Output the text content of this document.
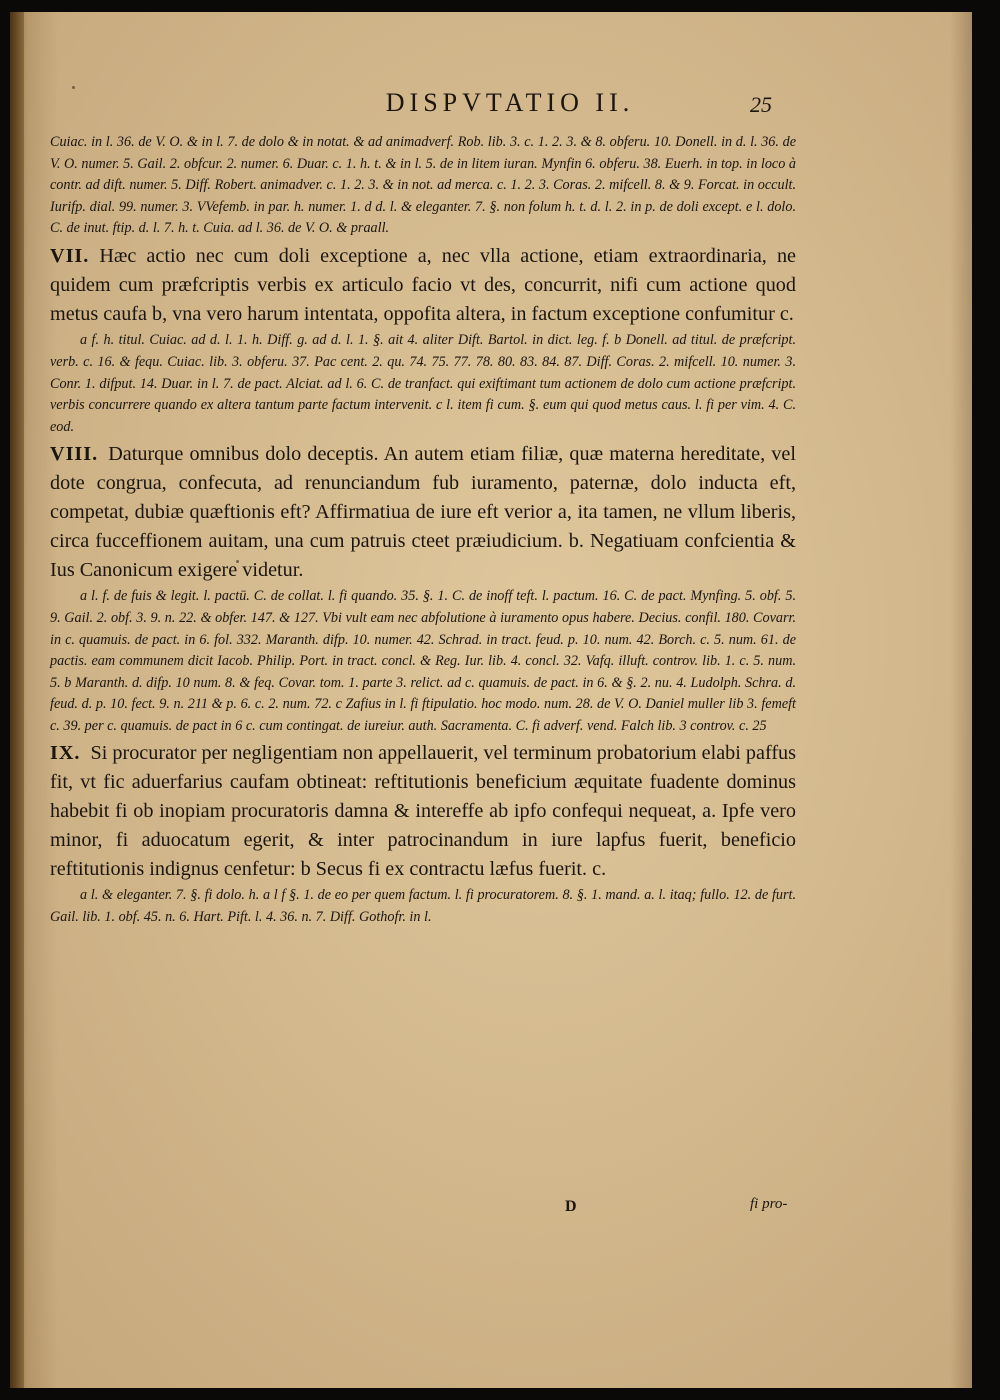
DISPVTATIO II.	25

Cuiac. in l. 36. de V. O. & in l. 7. de dolo & in notat. & ad animadverf. Rob. lib. 3. c. 1. 2. 3. & 8. obferu. 10. Donell. in d. l. 36. de V. O. numer. 5. Gail. 2. obfcur. 2. numer. 6. Duar. c. 1. h. t. & in l. 5. de in litem iuran. Mynfin 6. obferu. 38. Euerh. in top. in loco à contr. ad dift. numer. 5. Diff. Robert. animadver. c. 1. 2. 3. & in not. ad merca. c. 1. 2. 3. Coras. 2. mifcell. 8. & 9. Forcat. in occult. Iurifp. dial. 99. numer. 3. VVefemb. in par. h. numer. 1. d d. l. & eleganter. 7. §. non folum h. t. d. l. 2. in p. de doli except. e l. dolo. C. de inut. ftip. d. l. 7. h. t. Cuia. ad l. 36. de V. O. & praall.

VII. Hæc actio nec cum doli exceptione a, nec vlla actione, etiam extraordinaria, ne quidem cum præfcriptis verbis ex articulo facio vt des, concurrit, nifi cum actione quod metus caufa b, vna vero harum intentata, oppofita altera, in factum exceptione confumitur c.

a f. h. titul. Cuiac. ad d. l. 1. h. Diff. g. ad d. l. 1. §. ait 4. aliter Dift. Bartol. in dict. leg. f. b Donell. ad titul. de præfcript. verb. c. 16. & fequ. Cuiac. lib. 3. obferu. 37. Pac cent. 2. qu. 74. 75. 77. 78. 80. 83. 84. 87. Diff. Coras. 2. mifcell. 10. numer. 3. Conr. 1. difput. 14. Duar. in l. 7. de pact. Alciat. ad l. 6. C. de tranfact. qui exiftimant tum actionem de dolo cum actione præfcript. verbis concurrere quando ex altera tantum parte factum intervenit. c l. item fi cum. §. eum qui quod metus caus. l. fi per vim. 4. C. eod.

VIII. Daturque omnibus dolo deceptis. An autem etiam filiæ, quæ materna hereditate, vel dote congrua, confecuta, ad renunciandum fub iuramento, paternæ, dolo inducta eft, competat, dubiæ quæftionis eft? Affirmatiua de iure eft verior a, ita tamen, ne vllum liberis, circa fucceffionem auitam, una cum patruis cteet præiudicium. b. Negatiuam confcientia & Ius Canonicum exigere videtur.

a l. f. de fuis & legit. l. pactū. C. de collat. l. fi quando. 35. §. 1. C. de inoff teft. l. pactum. 16. C. de pact. Mynfing. 5. obf. 5. 9. Gail. 2. obf. 3. 9. n. 22. & obfer. 147. & 127. Vbi vult eam nec abfolutione à iuramento opus habere. Decius. confil. 180. Covarr. in c. quamuis. de pact. in 6. fol. 332. Maranth. difp. 10. numer. 42. Schrad. in tract. feud. p. 10. num. 42. Borch. c. 5. num. 61. de pactis. eam communem dicit Iacob. Philip. Port. in tract. concl. & Reg. Iur. lib. 4. concl. 32. Vafq. illuft. controv. lib. 1. c. 5. num. 5. b Maranth. d. difp. 10 num. 8. & feq. Covar. tom. 1. parte 3. relict. ad c. quamuis. de pact. in 6. & §. 2. nu. 4. Ludolph. Schra. d. feud. d. p. 10. fect. 9. n. 211 & p. 6. c. 2. num. 72. c Zafius in l. fi ftipulatio. hoc modo. num. 28. de V. O. Daniel muller lib 3. femeft c. 39. per c. quamuis. de pact in 6 c. cum contingat. de iureiur. auth. Sacramenta. C. fi adverf. vend. Falch lib. 3 controv. c. 25

IX. Si procurator per negligentiam non appellauerit, vel terminum probatorium elabi paffus fit, vt fic aduerfarius caufam obtineat: reftitutionis beneficium æquitate fuadente dominus habebit fi ob inopiam procuratoris damna & intereffe ab ipfo confequi nequeat, a. Ipfe vero minor, fi aduocatum egerit, & inter patrocinandum in iure lapfus fuerit, beneficio reftitutionis indignus cenfetur: b Secus fi ex contractu læfus fuerit. c.

a l. & eleganter. 7. §. fi dolo. h. a l f §. 1. de eo per quem factum. l. fi procuratorem. 8. §. 1. mand. a. l. itaq; fullo. 12. de furt. Gail. lib. 1. obf. 45. n. 6. Hart. Pift. l. 4. 36. n. 7. Diff. Gothofr. in l.

D	fi pro-
